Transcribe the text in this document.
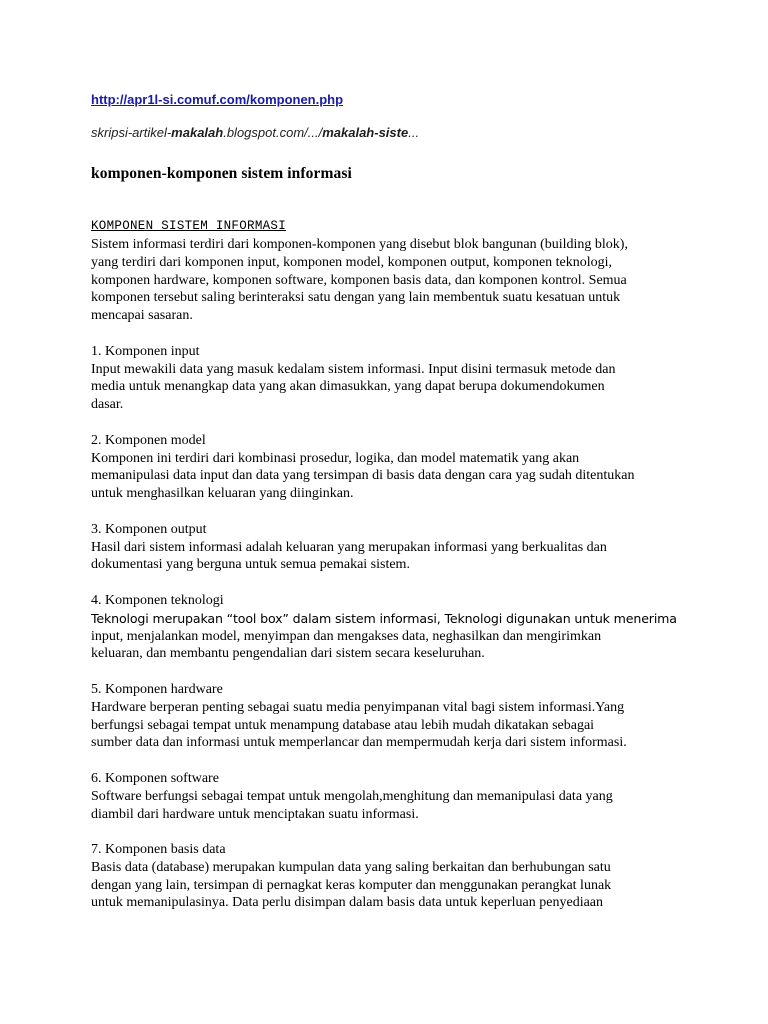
http://apr1l-si.comuf.com/komponen.php
skripsi-artikel-makalah.blogspot.com/.../makalah-siste...
komponen-komponen sistem informasi
KOMPONEN SISTEM INFORMASI

Sistem informasi terdiri dari komponen-komponen yang disebut blok bangunan (building blok),

yang terdiri dari komponen input, komponen model, komponen output, komponen teknologi,

komponen hardware, komponen software, komponen basis data, dan komponen kontrol. Semua

komponen tersebut saling berinteraksi satu dengan yang lain membentuk suatu kesatuan untuk

mencapai sasaran.

1. Komponen input

Input mewakili data yang masuk kedalam sistem informasi. Input disini termasuk metode dan

media untuk menangkap data yang akan dimasukkan, yang dapat berupa dokumendokumen

dasar.

2. Komponen model

Komponen ini terdiri dari kombinasi prosedur, logika, dan model matematik yang akan

memanipulasi data input dan data yang tersimpan di basis data dengan cara yag sudah ditentukan

untuk menghasilkan keluaran yang diinginkan.

3. Komponen output

Hasil dari sistem informasi adalah keluaran yang merupakan informasi yang berkualitas dan

dokumentasi yang berguna untuk semua pemakai sistem.

4. Komponen teknologi

Teknologi merupakan “tool box” dalam sistem informasi, Teknologi digunakan untuk menerima

input, menjalankan model, menyimpan dan mengakses data, neghasilkan dan mengirimkan

keluaran, dan membantu pengendalian dari sistem secara keseluruhan.

5. Komponen hardware

Hardware berperan penting sebagai suatu media penyimpanan vital bagi sistem informasi.Yang

berfungsi sebagai tempat untuk menampung database atau lebih mudah dikatakan sebagai

sumber data dan informasi untuk memperlancar dan mempermudah kerja dari sistem informasi.

6. Komponen software

Software berfungsi sebagai tempat untuk mengolah,menghitung dan memanipulasi data yang

diambil dari hardware untuk menciptakan suatu informasi.

7. Komponen basis data

Basis data (database) merupakan kumpulan data yang saling berkaitan dan berhubungan satu

dengan yang lain, tersimpan di pernagkat keras komputer dan menggunakan perangkat lunak

untuk memanipulasinya. Data perlu disimpan dalam basis data untuk keperluan penyediaan
